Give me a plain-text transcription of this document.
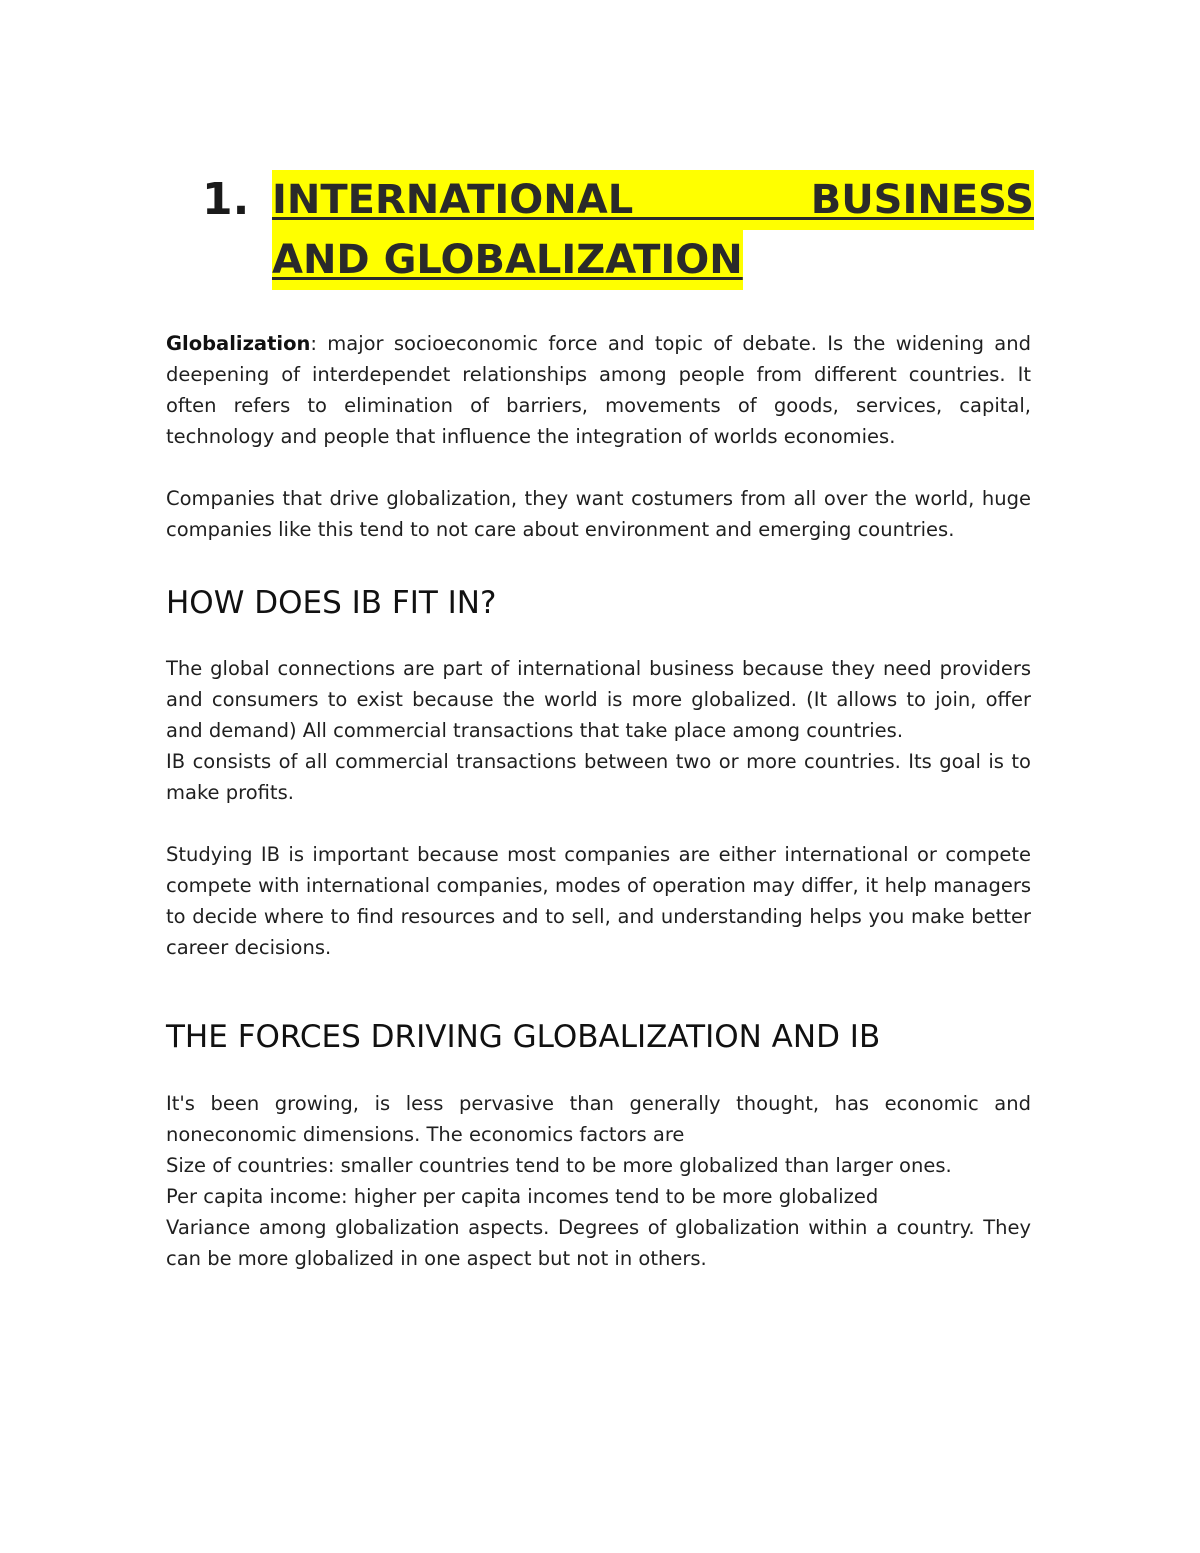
1. INTERNATIONAL BUSINESS
AND GLOBALIZATION

Globalization: major socioeconomic force and topic of debate. Is the widening and deepening of interdependet relationships among people from different countries. It often refers to elimination of barriers, movements of goods, services, capital, technology and people that influence the integration of worlds economies.

Companies that drive globalization, they want costumers from all over the world, huge companies like this tend to not care about environment and emerging countries.

HOW DOES IB FIT IN?

The global connections are part of international business because they need providers and consumers to exist because the world is more globalized. (It allows to join, offer and demand) All commercial transactions that take place among countries.

IB consists of all commercial transactions between two or more countries. Its goal is to make profits.

Studying IB is important because most companies are either international or compete compete with international companies, modes of operation may differ, it help managers to decide where to find resources and to sell, and understanding helps you make better career decisions.

THE FORCES DRIVING GLOBALIZATION AND IB

It's been growing, is less pervasive than generally thought, has economic and noneconomic dimensions. The economics factors are

Size of countries: smaller countries tend to be more globalized than larger ones.

Per capita income: higher per capita incomes tend to be more globalized

Variance among globalization aspects. Degrees of globalization within a country. They can be more globalized in one aspect but not in others.
